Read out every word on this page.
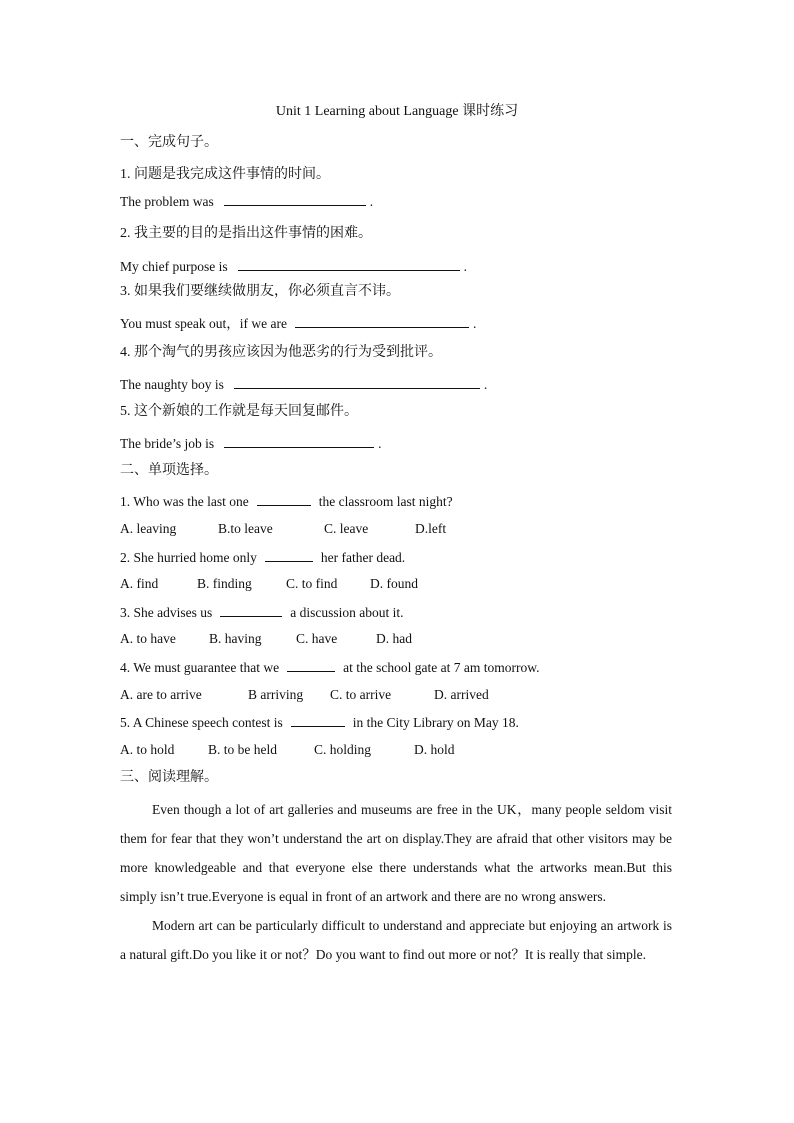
Unit 1 Learning about Language 课时练习
一、完成句子。
1. 问题是我完成这件事情的时间。
The problem was	.
2. 我主要的目的是指出这件事情的困难。
My chief purpose is	.
3. 如果我们要继续做朋友，你必须直言不讳。
You must speak out，if we are	.
4. 那个淘气的男孩应该因为他恶劣的行为受到批评。
The naughty boy is	.
5. 这个新娘的工作就是每天回复邮件。
The bride’s job is	.
二、单项选择。
1. Who was the last one	the classroom last night?
A. leaving	B.to leave	C. leave	D.left
2. She hurried home only	her father dead.
A. find	B. finding	C. to find D. found
3. She advises us	a discussion about it.
A. to have B. having	C. have	D. had
4. We must guarantee that we	at the school gate at 7 am tomorrow.
A. are to arrive	B arriving C. to arrive	D. arrived
5. A Chinese speech contest is	in the City Library on May 18.
A. to hold B. to be held	C. holding	D. hold
三、阅读理解。

Even though a lot of art galleries and museums are free in the UK，many people seldom visit them for fear that they won’t understand the art on display.They are afraid that other visitors may be more knowledgeable and that everyone else there understands what the artworks mean.But this simply isn’t true.Everyone is equal in front of an artwork and there are no wrong answers.

Modern art can be particularly difficult to understand and appreciate but enjoying an artwork is a natural gift.Do you like it or not？Do you want to find out more or not？It is really that simple.
